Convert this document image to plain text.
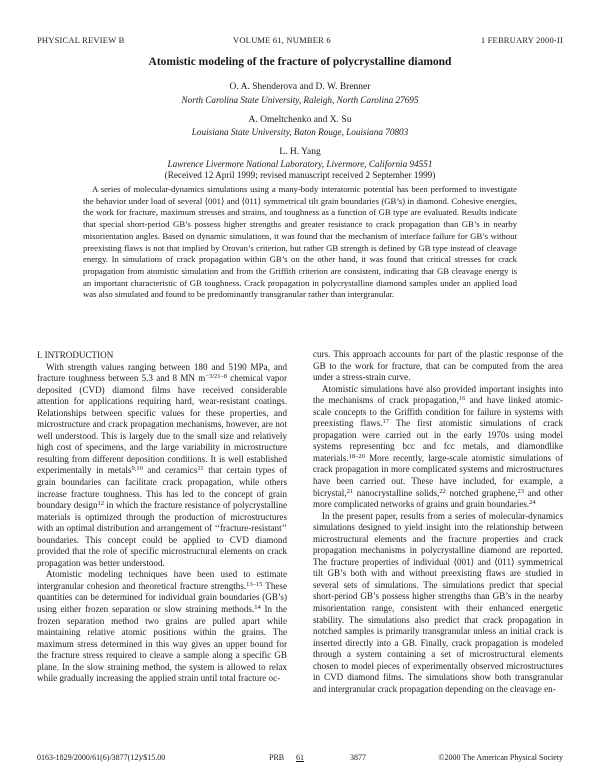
PHYSICAL REVIEW B	VOLUME 61, NUMBER 6	1 FEBRUARY 2000-II
Atomistic modeling of the fracture of polycrystalline diamond
O. A. Shenderova and D. W. Brenner
North Carolina State University, Raleigh, North Carolina 27695
A. Omeltchenko and X. Su
Louisiana State University, Baton Rouge, Louisiana 70803
L. H. Yang
Lawrence Livermore National Laboratory, Livermore, California 94551
(Received 12 April 1999; revised manuscript received 2 September 1999)

A series of molecular-dynamics simulations using a many-body interatomic potential has been performed to investigate the behavior under load of several ⟨001⟩ and ⟨011⟩ symmetrical tilt grain boundaries (GB’s) in diamond. Cohesive energies, the work for fracture, maximum stresses and strains, and toughness as a function of GB type are evaluated. Results indicate that special short-period GB’s possess higher strengths and greater resistance to crack propagation than GB’s in nearby misorientation angles. Based on dynamic simulations, it was found that the mechanism of interface failure for GB’s without preexisting flaws is not that implied by Orovan’s criterion, but rather GB strength is defined by GB type instead of cleavage energy. In simulations of crack propagation within GB’s on the other hand, it was found that critical stresses for crack propagation from atomistic simulation and from the Griffith criterion are consistent, indicating that GB cleavage energy is an important characteristic of GB toughness. Crack propagation in polycrystalline diamond samples under an applied load was also simulated and found to be predominantly transgranular rather than intergranular.

I. INTRODUCTION

With strength values ranging between 180 and 5190 MPa, and fracture toughness between 5.3 and 8 MN $m^{-3/21-8}$ chemical vapor deposited (CVD) diamond films have received considerable attention for applications requiring hard, wear-resistant coatings. Relationships between specific values for these properties, and microstructure and crack propagation mechanisms, however, are not well understood. This is largely due to the small size and relatively high cost of specimens, and the large variability in microstructure resulting from different deposition conditions. It is well established experimentally in metals$^{9,10}$ and ceramics$^{11}$ that certain types of grain boundaries can facilitate crack propagation, while others increase fracture toughness. This has led to the concept of grain boundary design$^{12}$ in which the fracture resistance of polycrystalline materials is optimized through the production of microstructures with an optimal distribution and arrangement of ‘‘fracture-resistant’’ boundaries. This concept could be applied to CVD diamond provided that the role of specific microstructural elements on crack propagation was better understood.

Atomistic modeling techniques have been used to estimate intergranular cohesion and theoretical fracture strengths.$^{13-15}$ These quantities can be determined for individual grain boundaries (GB’s) using either frozen separation or slow straining methods.$^{14}$ In the frozen separation method two grains are pulled apart while maintaining relative atomic positions within the grains. The maximum stress determined in this way gives an upper bound for the fracture stress required to cleave a sample along a specific GB plane. In the slow straining method, the system is allowed to relax while gradually increasing the applied strain until total fracture oc-

curs. This approach accounts for part of the plastic response of the GB to the work for fracture, that can be computed from the area under a stress-strain curve.

Atomistic simulations have also provided important insights into the mechanisms of crack propagation,$^{16}$ and have linked atomic-scale concepts to the Griffith condition for failure in systems with preexisting flaws.$^{17}$ The first atomistic simulations of crack propagation were carried out in the early 1970s using model systems representing bcc and fcc metals, and diamondlike materials.$^{18-20}$ More recently, large-scale atomistic simulations of crack propagation in more complicated systems and microstructures have been carried out. These have included, for example, a bicrystal,$^{21}$ nanocrystalline solids,$^{22}$ notched graphene,$^{23}$ and other more complicated networks of grains and grain boundaries.$^{24}$

In the present paper, results from a series of molecular-dynamics simulations designed to yield insight into the relationship between microstructural elements and the fracture properties and crack propagation mechanisms in polycrystalline diamond are reported. The fracture properties of individual ⟨001⟩ and ⟨011⟩ symmetrical tilt GB’s both with and without preexisting flaws are studied in several sets of simulations. The simulations predict that special short-period GB’s possess higher strengths than GB’s in the nearby misorientation range, consistent with their enhanced energetic stability. The simulations also predict that crack propagation in notched samples is primarily transgranular unless an initial crack is inserted directly into a GB. Finally, crack propagation is modeled through a system containing a set of microstructural elements chosen to model pieces of experimentally observed microstructures in CVD diamond films. The simulations show both transgranular and intergranular crack propagation depending on the cleavage en-

0163-1829/2000/61(6)/3877(12)/$15.00	PRB 61	3877	©2000 The American Physical Society
